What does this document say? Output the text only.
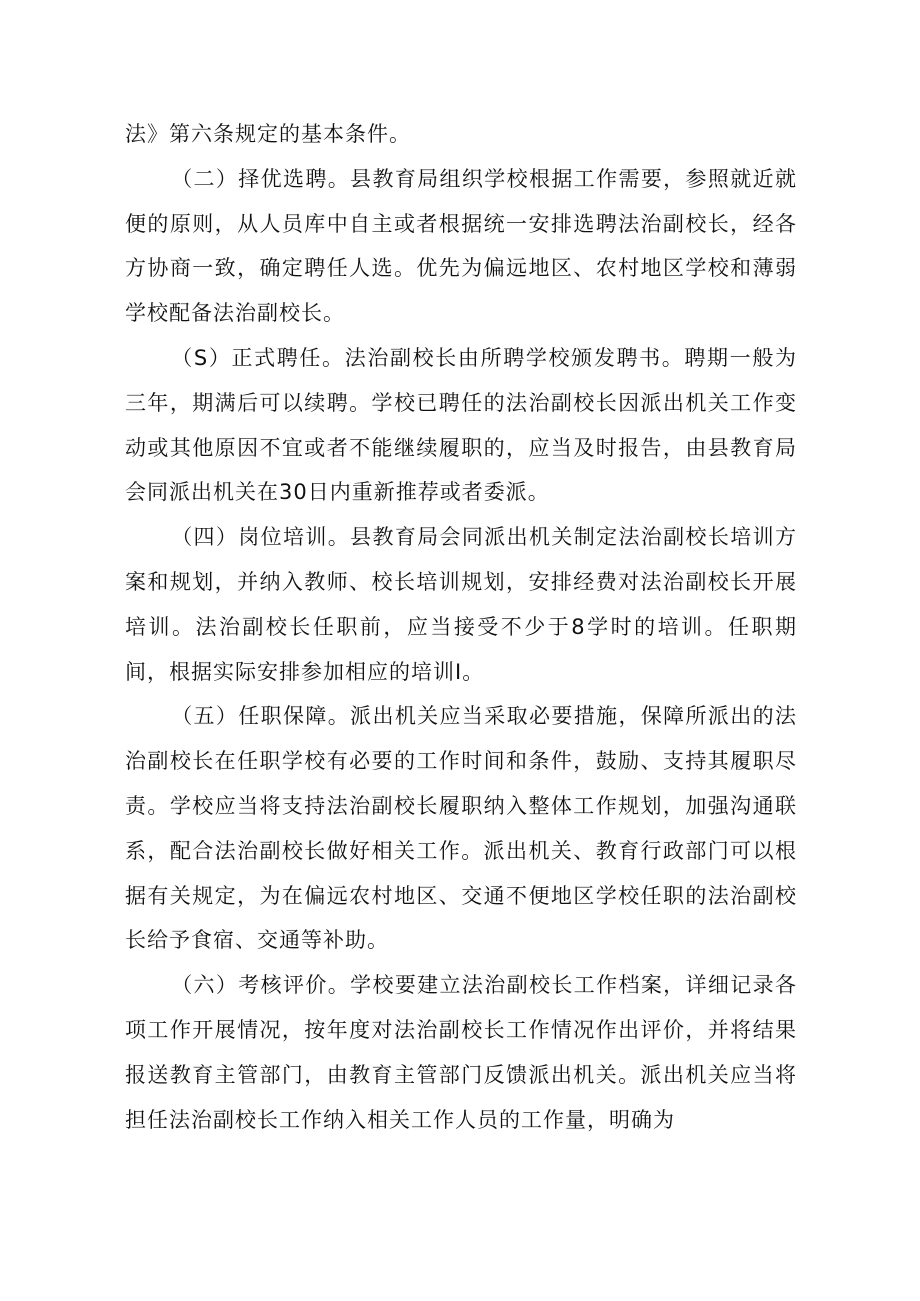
法》第六条规定的基本条件。

（二）择优选聘。县教育局组织学校根据工作需要，参照就近就便的原则，从人员库中自主或者根据统一安排选聘法治副校长，经各方协商一致，确定聘任人选。优先为偏远地区、农村地区学校和薄弱学校配备法治副校长。

（S）正式聘任。法治副校长由所聘学校颁发聘书。聘期一般为三年，期满后可以续聘。学校已聘任的法治副校长因派出机关工作变动或其他原因不宜或者不能继续履职的，应当及时报告，由县教育局会同派出机关在30日内重新推荐或者委派。

（四）岗位培训。县教育局会同派出机关制定法治副校长培训方案和规划，并纳入教师、校长培训规划，安排经费对法治副校长开展培训。法治副校长任职前，应当接受不少于8学时的培训。任职期间，根据实际安排参加相应的培训I。

（五）任职保障。派出机关应当采取必要措施，保障所派出的法治副校长在任职学校有必要的工作时间和条件，鼓励、支持其履职尽责。学校应当将支持法治副校长履职纳入整体工作规划，加强沟通联系，配合法治副校长做好相关工作。派出机关、教育行政部门可以根据有关规定，为在偏远农村地区、交通不便地区学校任职的法治副校长给予食宿、交通等补助。

（六）考核评价。学校要建立法治副校长工作档案，详细记录各项工作开展情况，按年度对法治副校长工作情况作出评价，并将结果报送教育主管部门，由教育主管部门反馈派出机关。派出机关应当将担任法治副校长工作纳入相关工作人员的工作量，明确为
